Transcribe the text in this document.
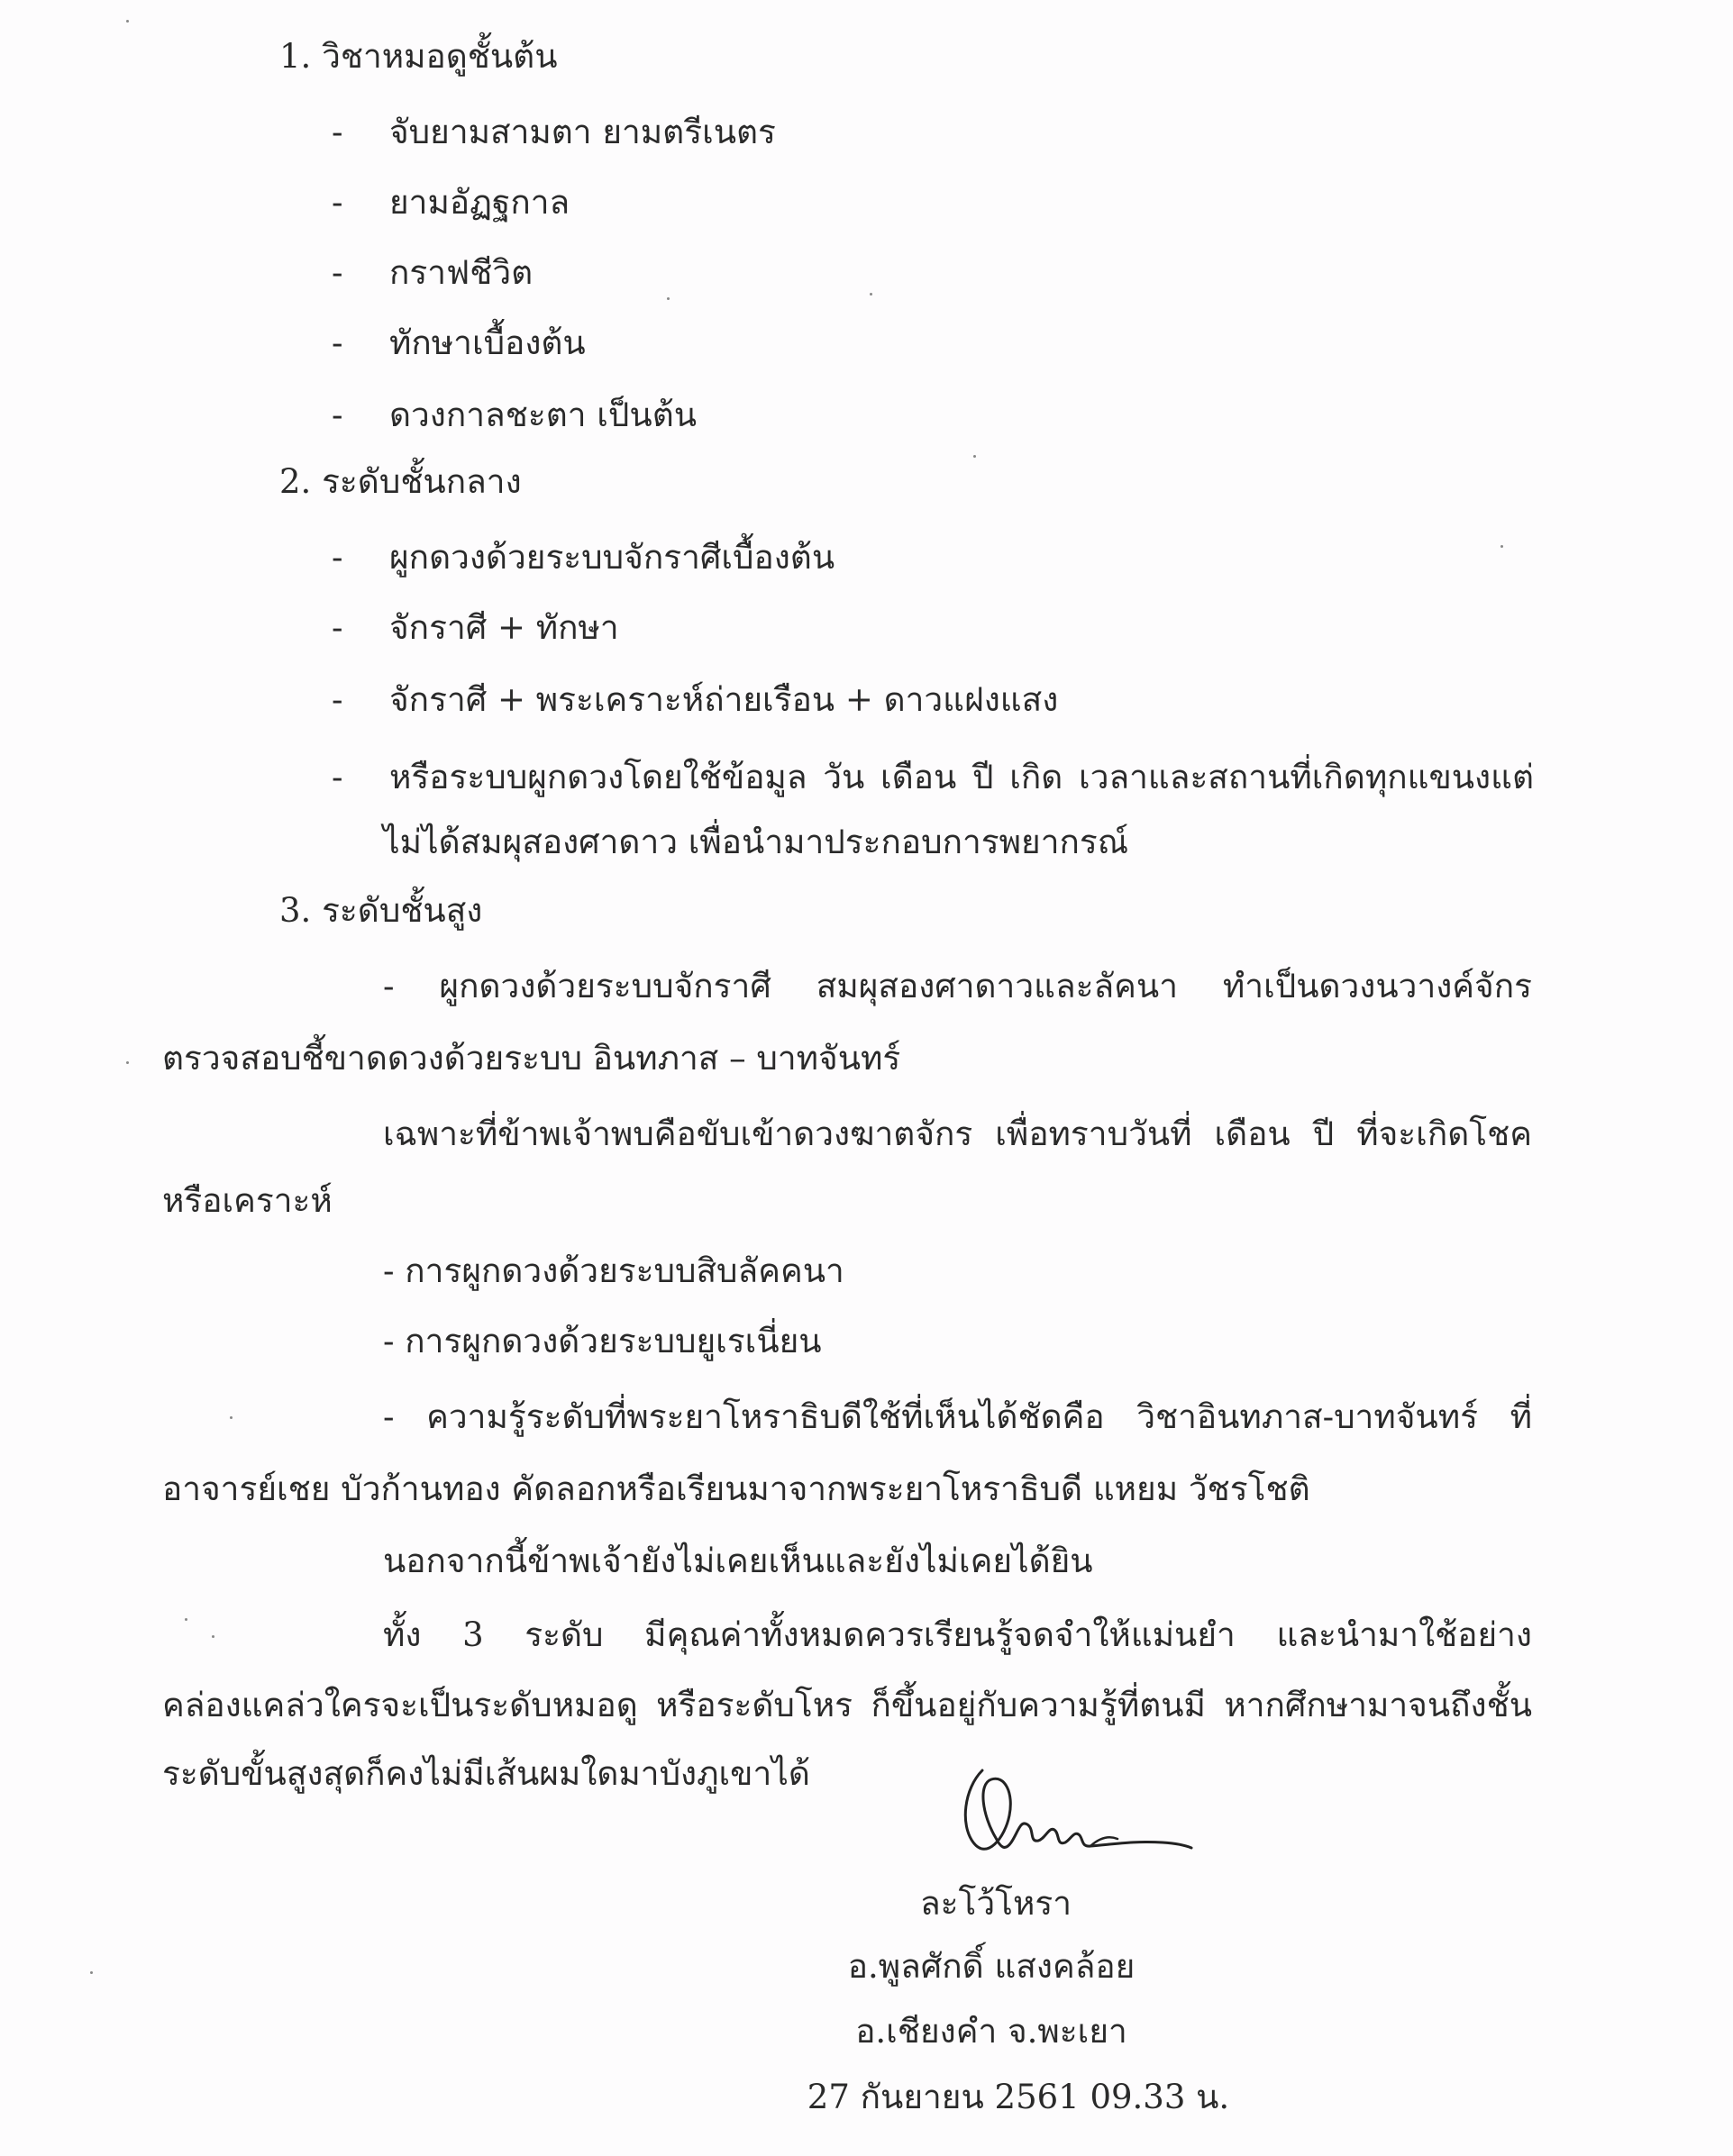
1. วิชาหมอดูชั้นต้น
- จับยามสามตา ยามตรีเนตร
- ยามอัฏฐกาล
- กราฟชีวิต
- ทักษาเบื้องต้น
- ดวงกาลชะตา เป็นต้น
2. ระดับชั้นกลาง
- ผูกดวงด้วยระบบจักราศีเบื้องต้น
- จักราศี + ทักษา
- จักราศี + พระเคราะห์ถ่ายเรือน + ดาวแฝงแสง
- หรือระบบผูกดวงโดยใช้ข้อมูล วัน เดือน ปี เกิด เวลาและสถานที่เกิดทุกแขนงแต่
ไม่ได้สมผุสองศาดาว เพื่อนำมาประกอบการพยากรณ์
3. ระดับชั้นสูง
- ผูกดวงด้วยระบบจักราศี สมผุสองศาดาวและลัคนา ทำเป็นดวงนวางค์จักร
ตรวจสอบชี้ขาดดวงด้วยระบบ อินทภาส – บาทจันทร์
เฉพาะที่ข้าพเจ้าพบคือขับเข้าดวงฆาตจักร เพื่อทราบวันที่ เดือน ปี ที่จะเกิดโชค
หรือเคราะห์
- การผูกดวงด้วยระบบสิบลัคคนา
- การผูกดวงด้วยระบบยูเรเนี่ยน
- ความรู้ระดับที่พระยาโหราธิบดีใช้ที่เห็นได้ชัดคือ วิชาอินทภาส-บาทจันทร์ ที่
อาจารย์เชย บัวก้านทอง คัดลอกหรือเรียนมาจากพระยาโหราธิบดี แหยม วัชรโชติ
นอกจากนี้ข้าพเจ้ายังไม่เคยเห็นและยังไม่เคยได้ยิน
ทั้ง 3 ระดับ มีคุณค่าทั้งหมดควรเรียนรู้จดจำให้แม่นยำ และนำมาใช้อย่าง
คล่องแคล่วใครจะเป็นระดับหมอดู หรือระดับโหร ก็ขึ้นอยู่กับความรู้ที่ตนมี หากศึกษามาจนถึงชั้น
ระดับขั้นสูงสุดก็คงไม่มีเส้นผมใดมาบังภูเขาได้
ละโว้โหรา
อ.พูลศักดิ์ แสงคล้อย
อ.เชียงคำ จ.พะเยา
27 กันยายน 2561 09.33 น.
